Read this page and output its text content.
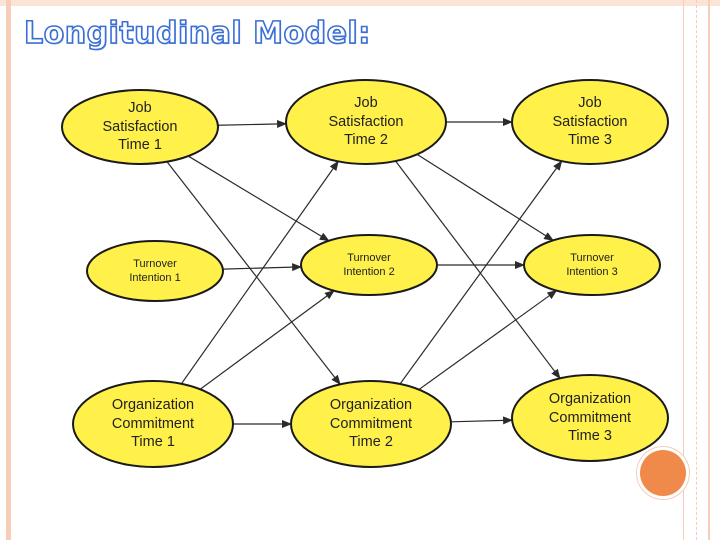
Longitudinal Model:
Job
Satisfaction
Time 1
Job
Satisfaction
Time 2
Job
Satisfaction
Time 3
Turnover
Intention 1
Turnover
Intention 2
Turnover
Intention 3
Organization
Commitment
Time 1
Organization
Commitment
Time 2
Organization
Commitment
Time 3
